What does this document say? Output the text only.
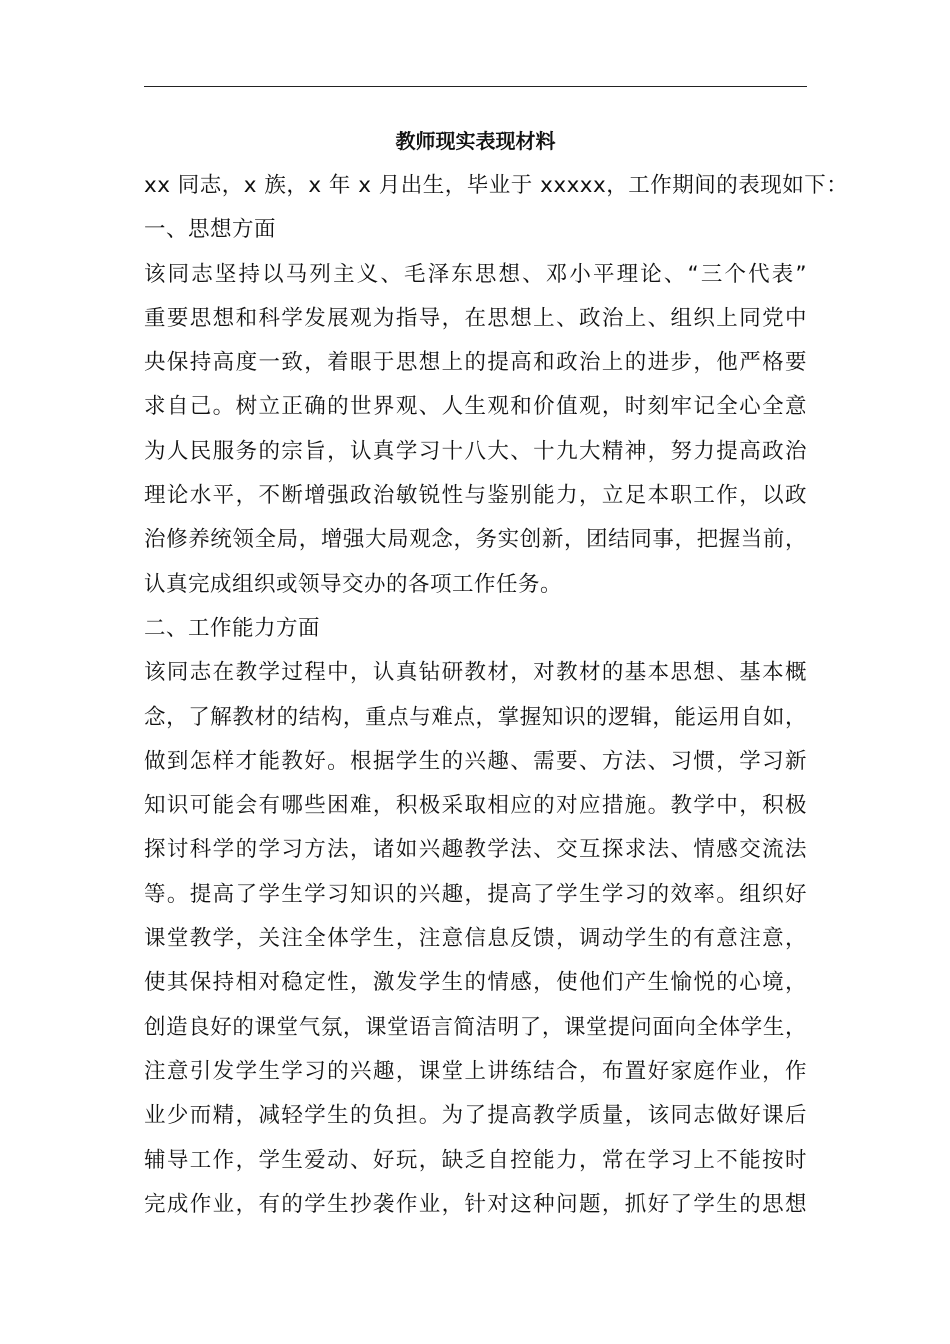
教师现实表现材料
xx 同志，x 族，x 年 x 月出生，毕业于 xxxxx，工作期间的表现如下：
一、思想方面
该同志坚持以马列主义、毛泽东思想、邓小平理论、“三个代表”
重要思想和科学发展观为指导，在思想上、政治上、组织上同党中
央保持高度一致，着眼于思想上的提高和政治上的进步，他严格要
求自己。树立正确的世界观、人生观和价值观，时刻牢记全心全意
为人民服务的宗旨，认真学习十八大、十九大精神，努力提高政治
理论水平，不断增强政治敏锐性与鉴别能力，立足本职工作，以政
治修养统领全局，增强大局观念，务实创新，团结同事，把握当前，
认真完成组织或领导交办的各项工作任务。
二、工作能力方面
该同志在教学过程中，认真钻研教材，对教材的基本思想、基本概
念，了解教材的结构，重点与难点，掌握知识的逻辑，能运用自如，
做到怎样才能教好。根据学生的兴趣、需要、方法、习惯，学习新
知识可能会有哪些困难，积极采取相应的对应措施。教学中，积极
探讨科学的学习方法，诸如兴趣教学法、交互探求法、情感交流法
等。提高了学生学习知识的兴趣，提高了学生学习的效率。组织好
课堂教学，关注全体学生，注意信息反馈，调动学生的有意注意，
使其保持相对稳定性，激发学生的情感，使他们产生愉悦的心境，
创造良好的课堂气氛，课堂语言简洁明了，课堂提问面向全体学生，
注意引发学生学习的兴趣，课堂上讲练结合，布置好家庭作业，作
业少而精，减轻学生的负担。为了提高教学质量，该同志做好课后
辅导工作，学生爱动、好玩，缺乏自控能力，常在学习上不能按时
完成作业，有的学生抄袭作业，针对这种问题，抓好了学生的思想
